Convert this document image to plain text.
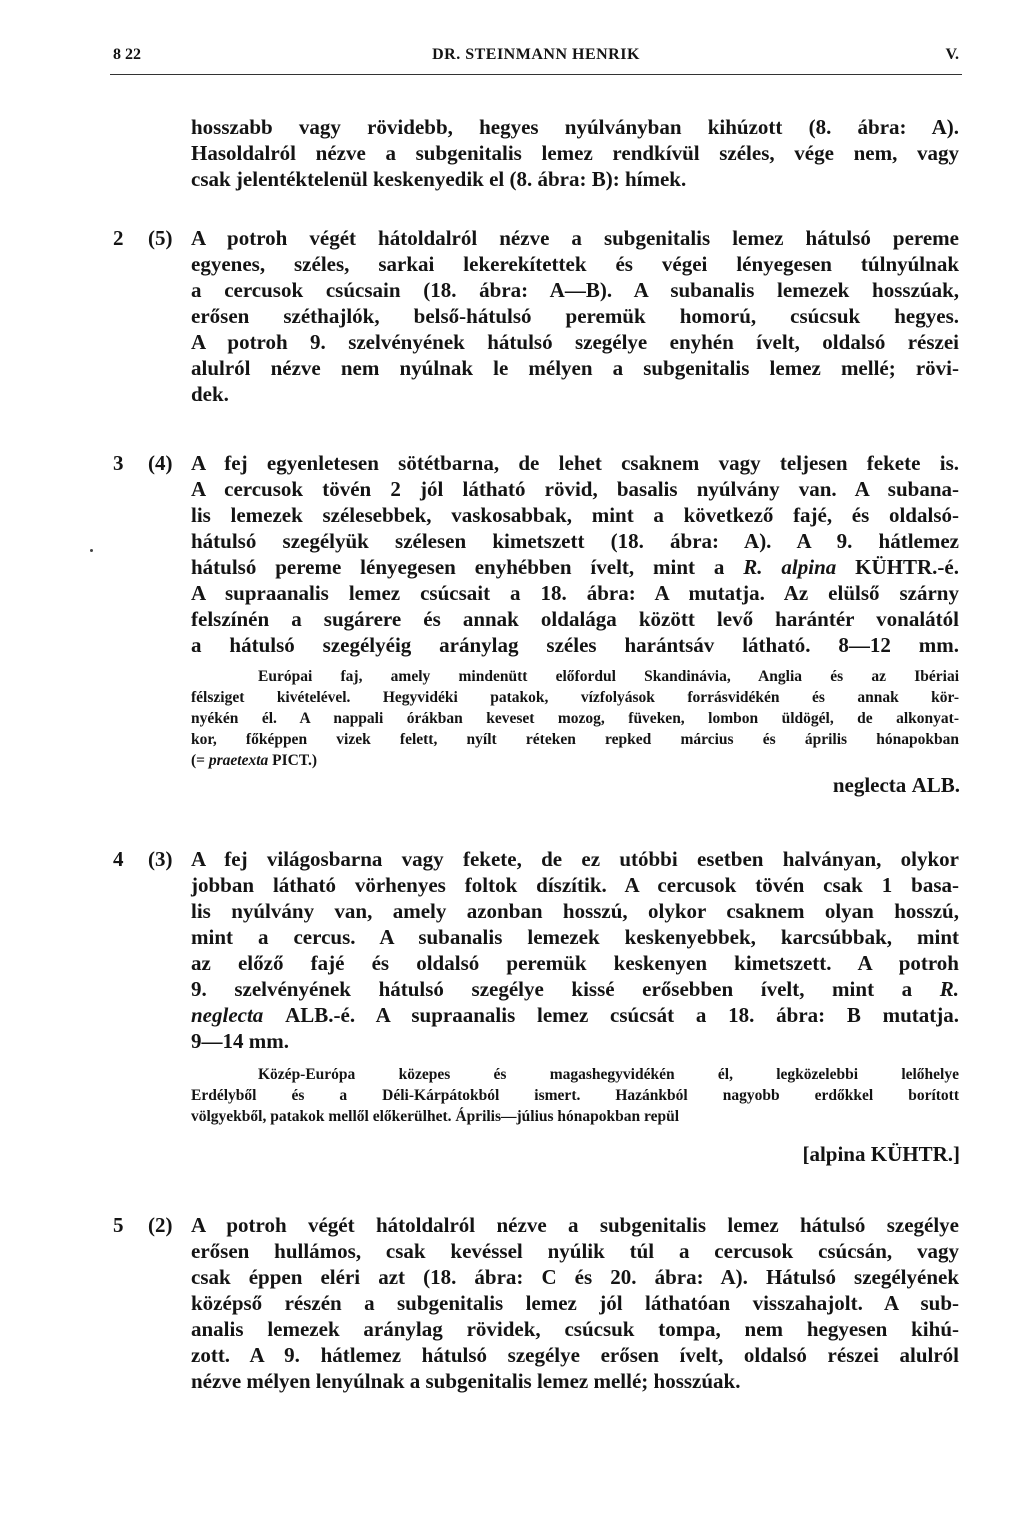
8 22	DR. STEINMANN HENRIK	V.
hosszabb vagy rövidebb, hegyes nyúlványban kihúzott (8. ábra: A).
Hasoldalról nézve a subgenitalis lemez rendkívül széles, vége nem, vagy
csak jelentéktelenül keskenyedik el (8. ábra: B): hímek.
2 (5) A potroh végét hátoldalról nézve a subgenitalis lemez hátulsó pereme
egyenes, széles, sarkai lekerekítettek és végei lényegesen túlnyúlnak
a cercusok csúcsain (18. ábra: A—B). A subanalis lemezek hosszúak,
erősen széthajlók, belső-hátulsó peremük homorú, csúcsuk hegyes.
A potroh 9. szelvényének hátulsó szegélye enyhén ívelt, oldalsó részei
alulról nézve nem nyúlnak le mélyen a subgenitalis lemez mellé; rövi-
dek.
3 (4) A fej egyenletesen sötétbarna, de lehet csaknem vagy teljesen fekete is.
A cercusok tövén 2 jól látható rövid, basalis nyúlvány van. A subana-
lis lemezek szélesebbek, vaskosabbak, mint a következő fajé, és oldalsó-
hátulsó szegélyük szélesen kimetszett (18. ábra: A). A 9. hátlemez
hátulsó pereme lényegesen enyhébben ívelt, mint a R. alpina KÜHTR.-é.
A supraanalis lemez csúcsait a 18. ábra: A mutatja. Az elülső szárny
felszínén a sugárere és annak oldalága között levő harántér vonalától
a hátulsó szegélyéig aránylag széles harántsáv látható. 8—12 mm.
Európai faj, amely mindenütt előfordul Skandinávia, Anglia és az Ibériai
félsziget kivételével. Hegyvidéki patakok, vízfolyások forrásvidékén és annak kör-
nyékén él. A nappali órákban keveset mozog, füveken, lombon üldögél, de alkonyat-
kor, főképpen vizek felett, nyílt réteken repked március és április hónapokban
(= praetexta PICT.)
neglecta ALB.
4 (3) A fej világosbarna vagy fekete, de ez utóbbi esetben halványan, olykor
jobban látható vörhenyes foltok díszítik. A cercusok tövén csak 1 basa-
lis nyúlvány van, amely azonban hosszú, olykor csaknem olyan hosszú,
mint a cercus. A subanalis lemezek keskenyebbek, karcsúbbak, mint
az előző fajé és oldalsó peremük keskenyen kimetszett. A potroh
9. szelvényének hátulsó szegélye kissé erősebben ívelt, mint a R.
neglecta ALB.-é. A supraanalis lemez csúcsát a 18. ábra: B mutatja.
9—14 mm.
Közép-Európa közepes és magashegyvidékén él, legközelebbi lelőhelye
Erdélyből és a Déli-Kárpátokból ismert. Hazánkból nagyobb erdőkkel borított
völgyekből, patakok mellől előkerülhet. Április—július hónapokban repül
[alpina KÜHTR.]
5 (2) A potroh végét hátoldalról nézve a subgenitalis lemez hátulsó szegélye
erősen hullámos, csak kevéssel nyúlik túl a cercusok csúcsán, vagy
csak éppen eléri azt (18. ábra: C és 20. ábra: A). Hátulsó szegélyének
középső részén a subgenitalis lemez jól láthatóan visszahajolt. A sub-
analis lemezek aránylag rövidek, csúcsuk tompa, nem hegyesen kihú-
zott. A 9. hátlemez hátulsó szegélye erősen ívelt, oldalsó részei alulról
nézve mélyen lenyúlnak a subgenitalis lemez mellé; hosszúak.
